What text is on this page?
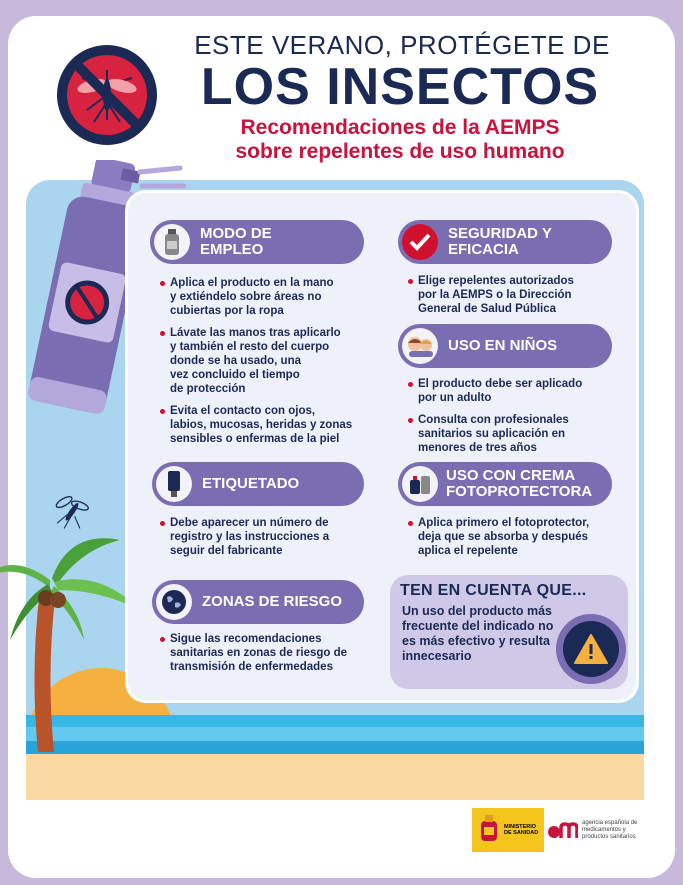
ESTE VERANO, PROTÉGETE DE
LOS INSECTOS
Recomendaciones de la AEMPS
sobre repelentes de uso humano
MODO DE
EMPLEO
Aplica el producto en la mano
y extiéndelo sobre áreas no
cubiertas por la ropa
Lávate las manos tras aplicarlo
y también el resto del cuerpo
donde se ha usado, una
vez concluido el tiempo
de protección
Evita el contacto con ojos,
labios, mucosas, heridas y zonas
sensibles o enfermas de la piel
ETIQUETADO
Debe aparecer un número de
registro y las instrucciones a
seguir del fabricante
ZONAS DE RIESGO
Sigue las recomendaciones
sanitarias en zonas de riesgo de
transmisión de enfermedades
SEGURIDAD Y
EFICACIA
Elige repelentes autorizados
por la AEMPS o la Dirección
General de Salud Pública
USO EN NIÑOS
El producto debe ser aplicado
por un adulto
Consulta con profesionales
sanitarios su aplicación en
menores de tres años
USO CON CREMA
FOTOPROTECTORA
Aplica primero el fotoprotector,
deja que se absorba y después
aplica el repelente
TEN EN CUENTA QUE...
Un uso del producto más
frecuente del indicado no
es más efectivo y resulta
innecesario
MINISTERIO
DE SANIDAD
agencia española de
medicamentos y
productos sanitarios
